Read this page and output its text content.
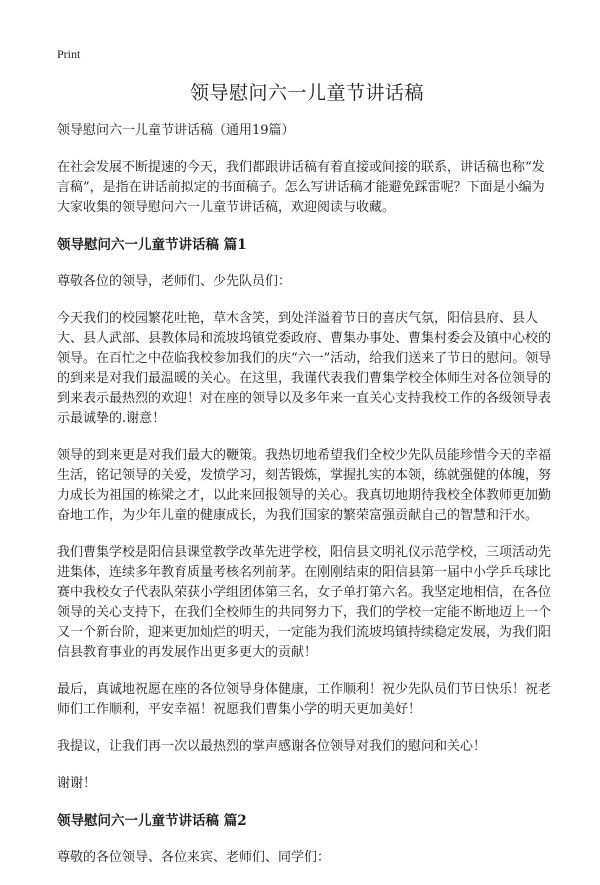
Print
领导慰问六一儿童节讲话稿
领导慰问六一儿童节讲话稿（通用19篇）

在社会发展不断提速的今天，我们都跟讲话稿有着直接或间接的联系，讲话稿也称“发言稿”，是指在讲话前拟定的书面稿子。怎么写讲话稿才能避免踩雷呢？下面是小编为大家收集的领导慰问六一儿童节讲话稿，欢迎阅读与收藏。

领导慰问六一儿童节讲话稿 篇1

尊敬各位的领导，老师们、少先队员们：

今天我们的校园繁花吐艳，草木含笑，到处洋溢着节日的喜庆气氛，阳信县府、县人大、县人武部、县教体局和流坡坞镇党委政府、曹集办事处、曹集村委会及镇中心校的领导。在百忙之中莅临我校参加我们的庆“六一”活动，给我们送来了节日的慰问。领导的到来是对我们最温暖的关心。在这里，我谨代表我们曹集学校全体师生对各位领导的到来表示最热烈的欢迎！对在座的领导以及多年来一直关心支持我校工作的各级领导表示最诚挚的.谢意！

领导的到来更是对我们最大的鞭策。我热切地希望我们全校少先队员能珍惜今天的幸福生活，铭记领导的关爱，发愤学习，刻苦锻炼，掌握扎实的本领，练就强健的体魄，努力成长为祖国的栋梁之才，以此来回报领导的关心。我真切地期待我校全体教师更加勤奋地工作，为少年儿童的健康成长，为我们国家的繁荣富强贡献自己的智慧和汗水。

我们曹集学校是阳信县课堂教学改革先进学校，阳信县文明礼仪示范学校，三项活动先进集体，连续多年教育质量考核名列前茅。在刚刚结束的阳信县第一届中小学乒乓球比赛中我校女子代表队荣获小学组团体第三名，女子单打第六名。我坚定地相信，在各位领导的关心支持下，在我们全校师生的共同努力下，我们的学校一定能不断地迈上一个又一个新台阶，迎来更加灿烂的明天，一定能为我们流坡坞镇持续稳定发展，为我们阳信县教育事业的再发展作出更多更大的贡献！

最后，真诚地祝愿在座的各位领导身体健康，工作顺利！祝少先队员们节日快乐！祝老师们工作顺利，平安幸福！祝愿我们曹集小学的明天更加美好！

我提议，让我们再一次以最热烈的掌声感谢各位领导对我们的慰问和关心！

谢谢！

领导慰问六一儿童节讲话稿 篇2

尊敬的各位领导、各位来宾、老师们、同学们：
